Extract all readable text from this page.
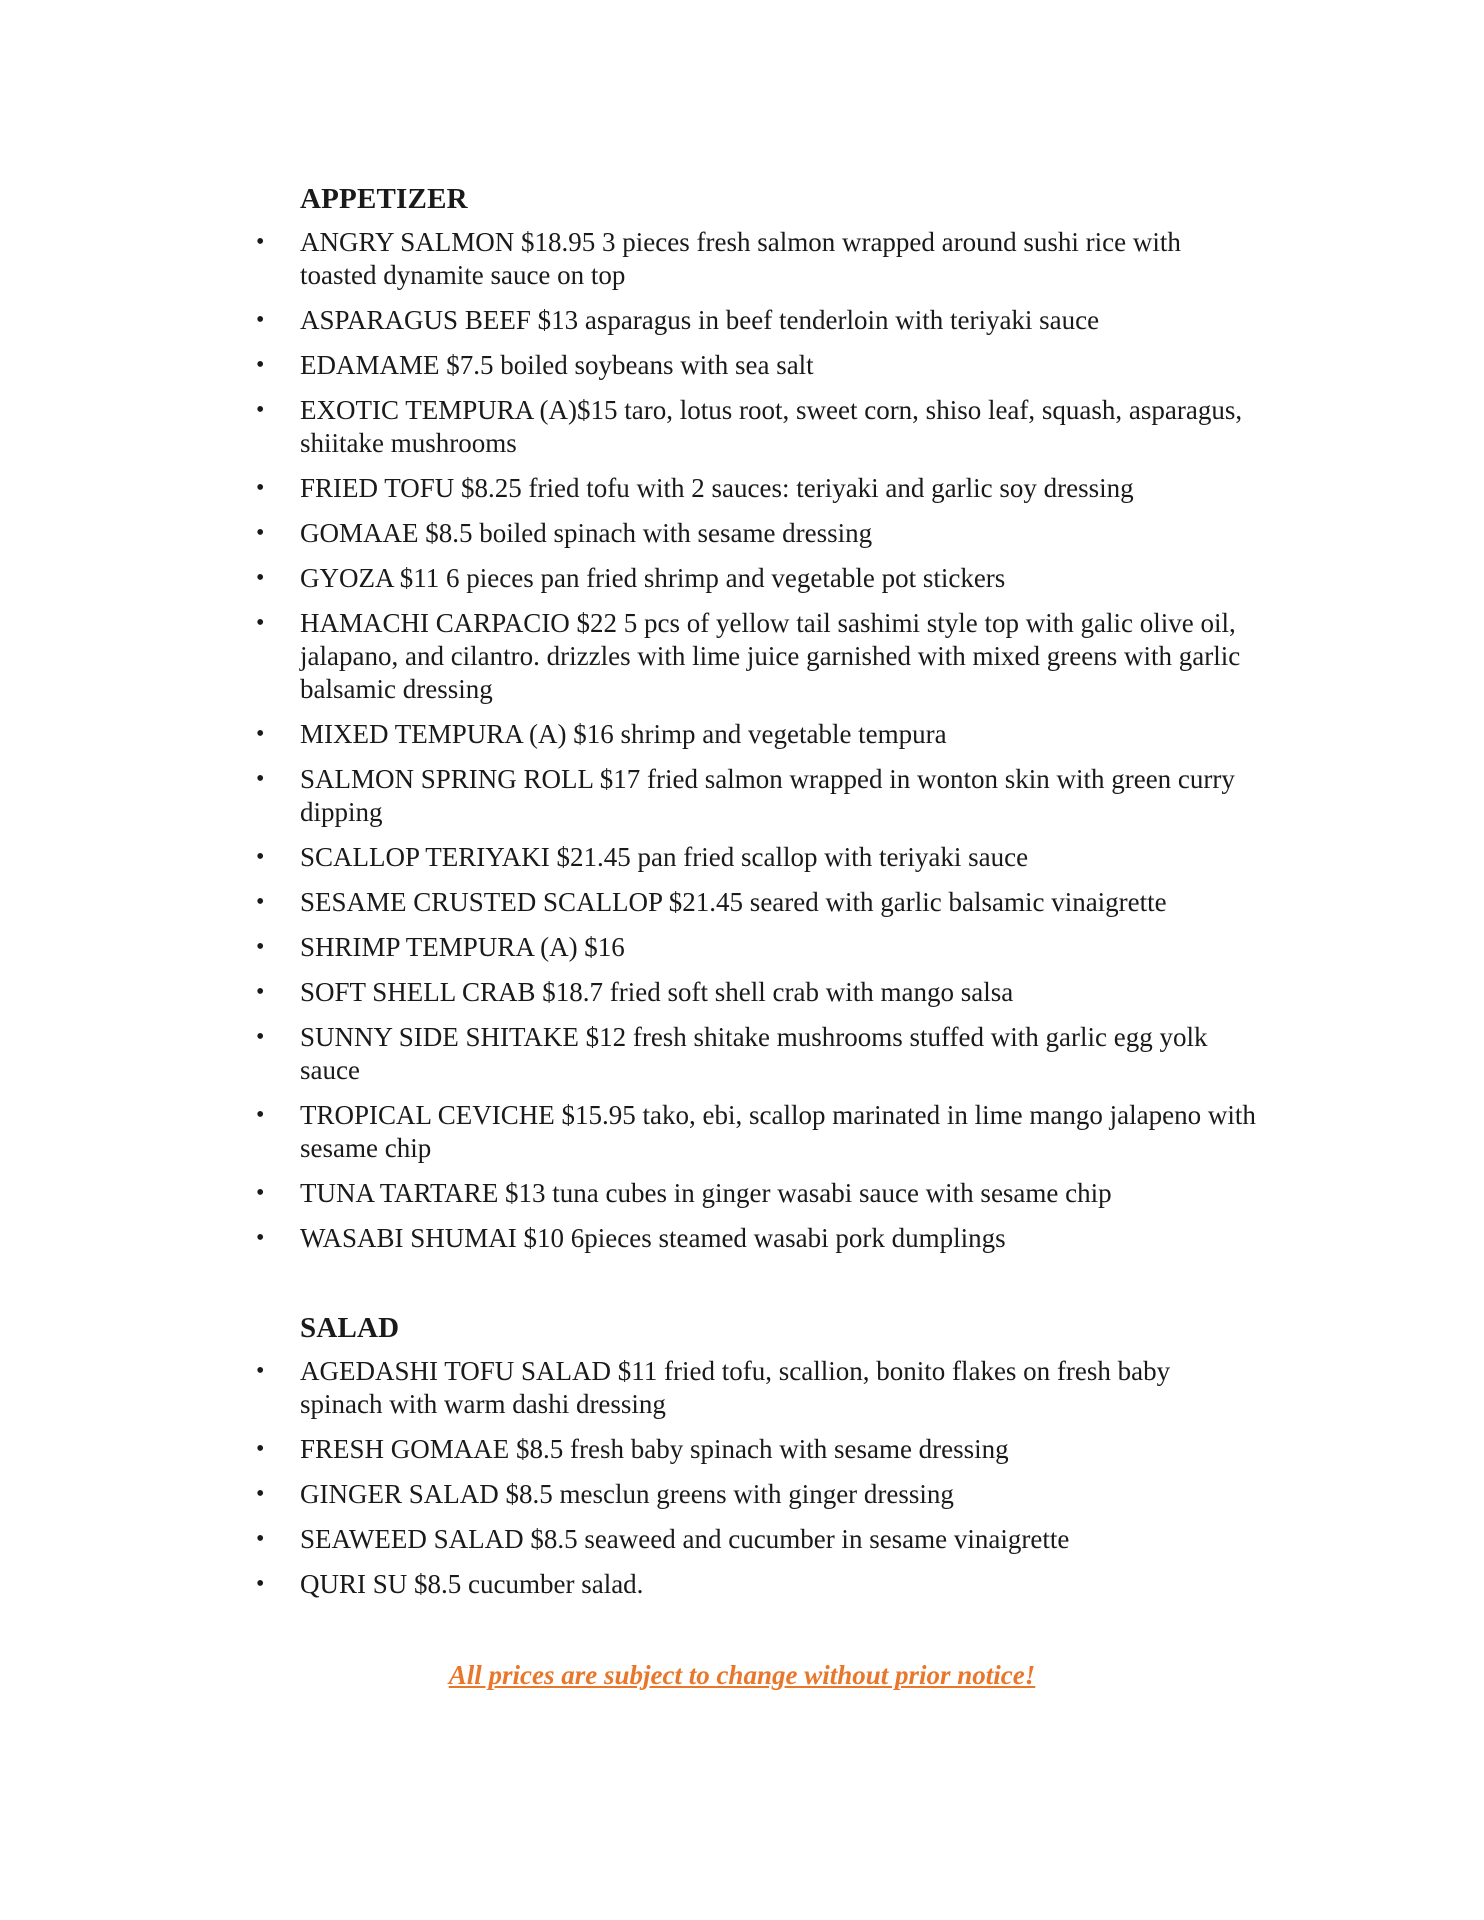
APPETIZER
• ANGRY SALMON $18.95 3 pieces fresh salmon wrapped around sushi rice with toasted dynamite sauce on top
• ASPARAGUS BEEF $13 asparagus in beef tenderloin with teriyaki sauce
• EDAMAME $7.5 boiled soybeans with sea salt
• EXOTIC TEMPURA (A)$15 taro, lotus root, sweet corn, shiso leaf, squash, asparagus, shiitake mushrooms
• FRIED TOFU $8.25 fried tofu with 2 sauces: teriyaki and garlic soy dressing
• GOMAAE $8.5 boiled spinach with sesame dressing
• GYOZA $11 6 pieces pan fried shrimp and vegetable pot stickers
• HAMACHI CARPACIO $22 5 pcs of yellow tail sashimi style top with galic olive oil, jalapano, and cilantro. drizzles with lime juice garnished with mixed greens with garlic balsamic dressing
• MIXED TEMPURA (A) $16 shrimp and vegetable tempura
• SALMON SPRING ROLL $17 fried salmon wrapped in wonton skin with green curry dipping
• SCALLOP TERIYAKI $21.45 pan fried scallop with teriyaki sauce
• SESAME CRUSTED SCALLOP $21.45 seared with garlic balsamic vinaigrette
• SHRIMP TEMPURA (A) $16
• SOFT SHELL CRAB $18.7 fried soft shell crab with mango salsa
• SUNNY SIDE SHITAKE $12 fresh shitake mushrooms stuffed with garlic egg yolk sauce
• TROPICAL CEVICHE $15.95 tako, ebi, scallop marinated in lime mango jalapeno with sesame chip
• TUNA TARTARE $13 tuna cubes in ginger wasabi sauce with sesame chip
• WASABI SHUMAI $10 6pieces steamed wasabi pork dumplings
SALAD
• AGEDASHI TOFU SALAD $11 fried tofu, scallion, bonito flakes on fresh baby spinach with warm dashi dressing
• FRESH GOMAAE $8.5 fresh baby spinach with sesame dressing
• GINGER SALAD $8.5 mesclun greens with ginger dressing
• SEAWEED SALAD $8.5 seaweed and cucumber in sesame vinaigrette
• QURI SU $8.5 cucumber salad.
All prices are subject to change without prior notice!
